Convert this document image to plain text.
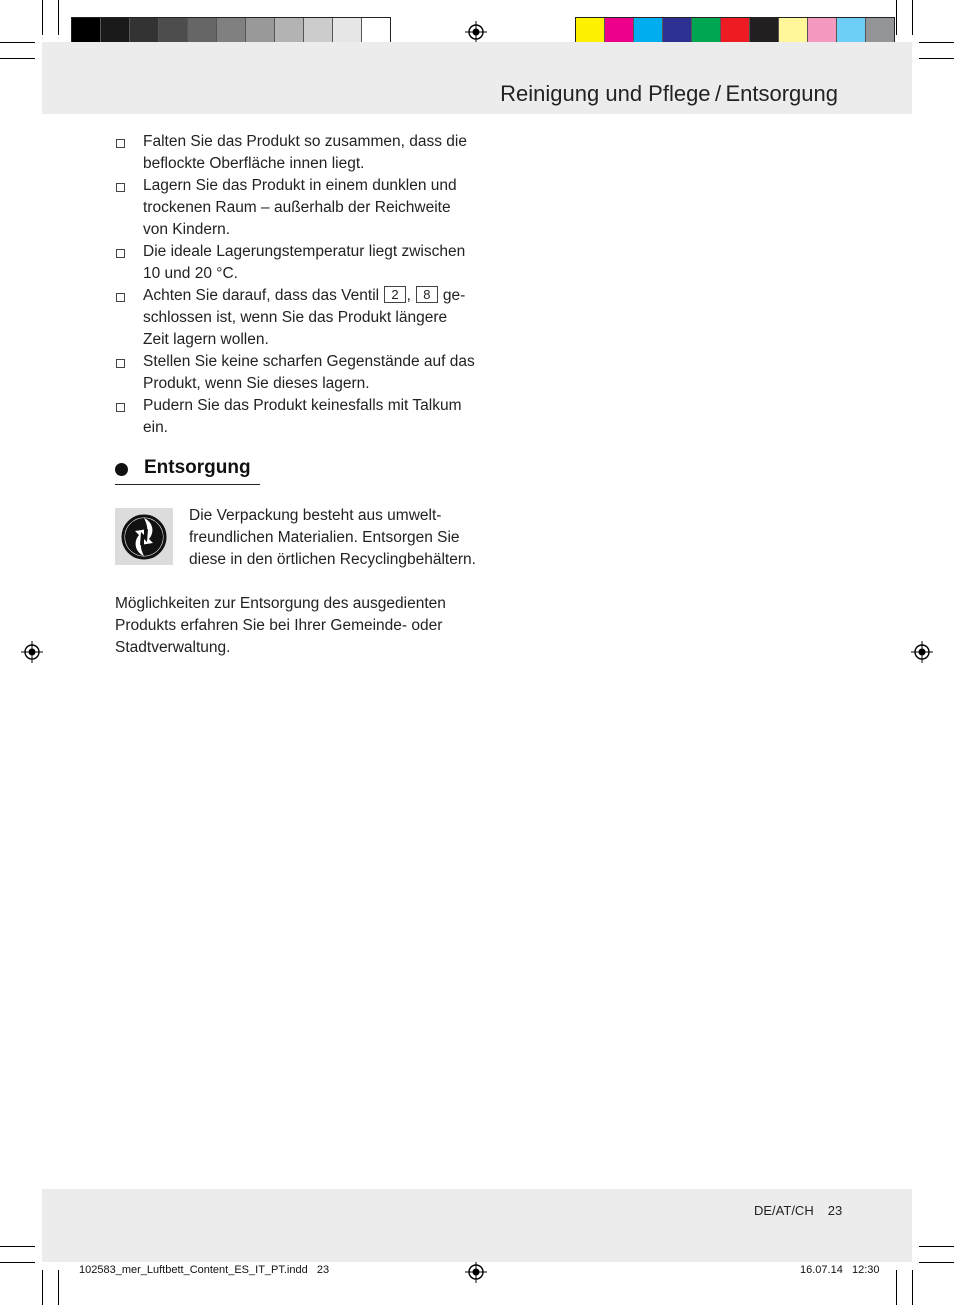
Reinigung und Pflege / Entsorgung
Falten Sie das Produkt so zusammen, dass die beflockte Oberfläche innen liegt.
Lagern Sie das Produkt in einem dunklen und trockenen Raum – außerhalb der Reichweite von Kindern.
Die ideale Lagerungstemperatur liegt zwischen 10 und 20 °C.
Achten Sie darauf, dass das Ventil 2 , 8 ge-schlossen ist, wenn Sie das Produkt längere Zeit lagern wollen.
Stellen Sie keine scharfen Gegenstände auf das Produkt, wenn Sie dieses lagern.
Pudern Sie das Produkt keinesfalls mit Talkum ein.
Entsorgung
Die Verpackung besteht aus umwelt-freundlichen Materialien. Entsorgen Sie diese in den örtlichen Recyclingbehältern.
Möglichkeiten zur Entsorgung des ausgedienten Produkts erfahren Sie bei Ihrer Gemeinde- oder Stadtverwaltung.
DE/AT/CH 23
102583_mer_Luftbett_Content_ES_IT_PT.indd   23	16.07.14   12:30
